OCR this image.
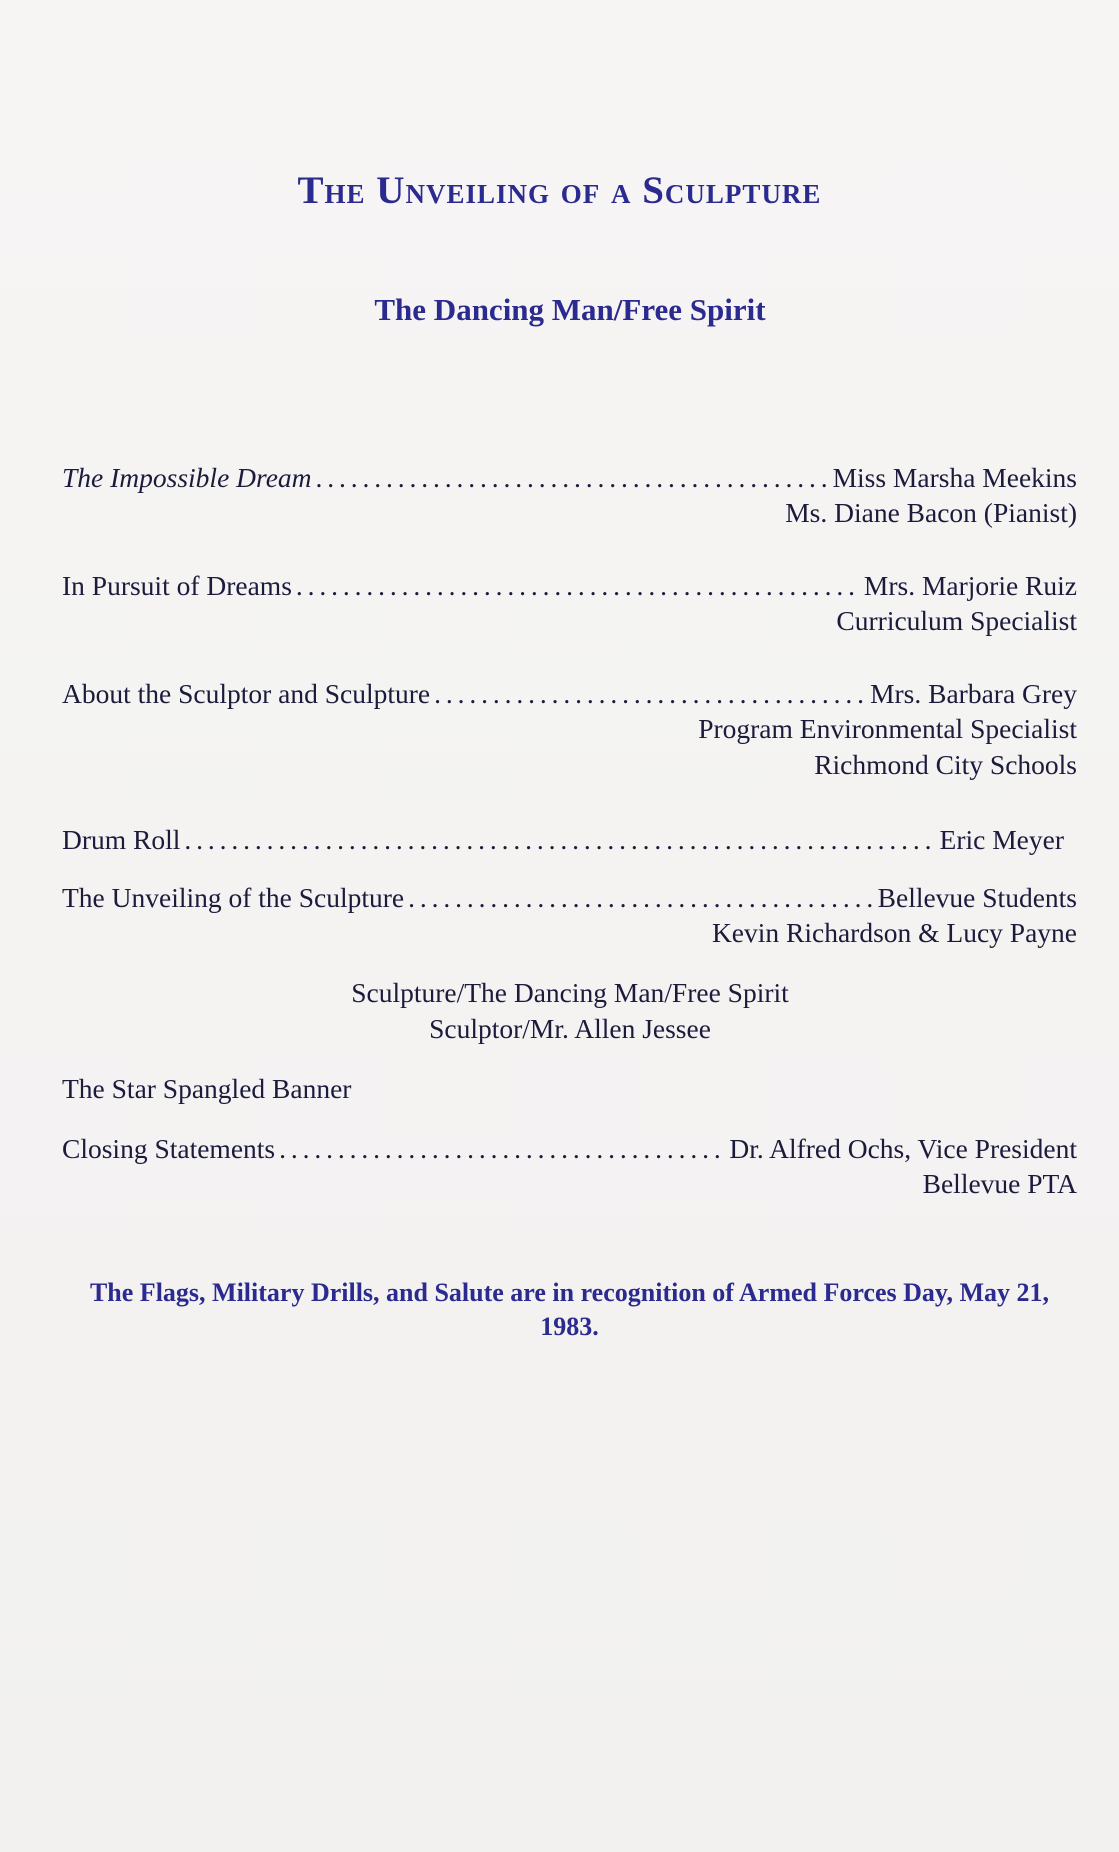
The Unveiling of a Sculpture
The Dancing Man/Free Spirit
The Impossible Dream . . .	Miss Marsha Meekins
Ms. Diane Bacon (Pianist)
In Pursuit of Dreams . . .	Mrs. Marjorie Ruiz
Curriculum Specialist
About the Sculptor and Sculpture . . .	Mrs. Barbara Grey
Program Environmental Specialist
Richmond City Schools
Drum Roll . . .	Eric Meyer
The Unveiling of the Sculpture . . .	Bellevue Students
Kevin Richardson & Lucy Payne
Sculpture/The Dancing Man/Free Spirit
Sculptor/Mr. Allen Jessee
The Star Spangled Banner
Closing Statements . . .	Dr. Alfred Ochs, Vice President
Bellevue PTA
The Flags, Military Drills, and Salute are in recognition of Armed Forces Day, May 21, 1983.
